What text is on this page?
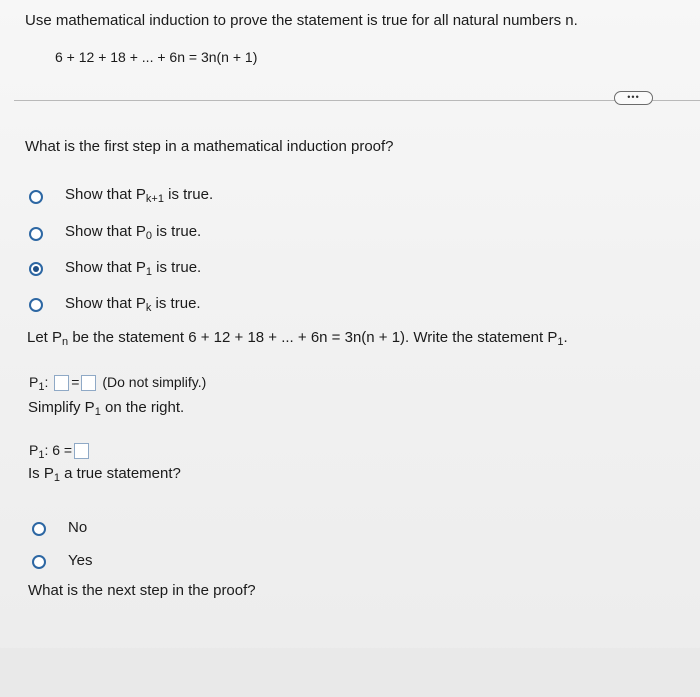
Use mathematical induction to prove the statement is true for all natural numbers n.
6 + 12 + 18 + ... + 6n = 3n(n + 1)
•••
What is the first step in a mathematical induction proof?
Show that $P_{k+1}$ is true.
Show that $P_0$ is true.
Show that $P_1$ is true.
Show that $P_k$ is true.
Let $P_n$ be the statement 6 + 12 + 18 + ... + 6n = 3n(n + 1). Write the statement $P_1$.
$P_1$: = (Do not simplify.)
Simplify $P_1$ on the right.
$P_1$: 6 =
Is $P_1$ a true statement?
No
Yes
What is the next step in the proof?
